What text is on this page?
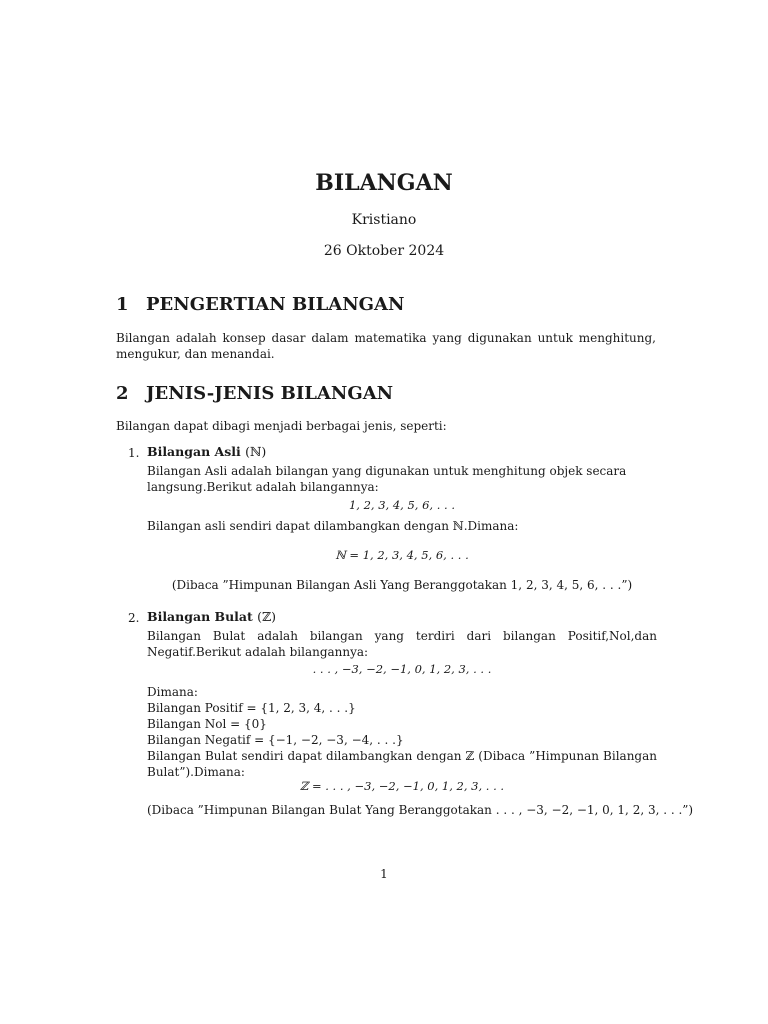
BILANGAN
Kristiano
26 Oktober 2024
1 PENGERTIAN BILANGAN
Bilangan adalah konsep dasar dalam matematika yang digunakan untuk menghitung, mengukur, dan menandai.
2 JENIS-JENIS BILANGAN
Bilangan dapat dibagi menjadi berbagai jenis, seperti:
1. Bilangan Asli (ℕ)
Bilangan Asli adalah bilangan yang digunakan untuk menghitung objek secara langsung.Berikut adalah bilangannya:
1, 2, 3, 4, 5, 6, . . .
Bilangan asli sendiri dapat dilambangkan dengan ℕ.Dimana:
ℕ = 1, 2, 3, 4, 5, 6, . . .
(Dibaca ”Himpunan Bilangan Asli Yang Beranggotakan 1, 2, 3, 4, 5, 6, . . .”)
2. Bilangan Bulat (ℤ)
Bilangan Bulat adalah bilangan yang terdiri dari bilangan Positif,Nol,dan Negatif.Berikut adalah bilangannya:
. . . , −3, −2, −1, 0, 1, 2, 3, . . .
Dimana:
Bilangan Positif = {1, 2, 3, 4, . . .}
Bilangan Nol = {0}
Bilangan Negatif = {−1, −2, −3, −4, . . .}
Bilangan Bulat sendiri dapat dilambangkan dengan ℤ (Dibaca ”Himpunan Bilangan Bulat”).Dimana:
ℤ = . . . , −3, −2, −1, 0, 1, 2, 3, . . .
(Dibaca ”Himpunan Bilangan Bulat Yang Beranggotakan . . . , −3, −2, −1, 0, 1, 2, 3, . . .”)
1
